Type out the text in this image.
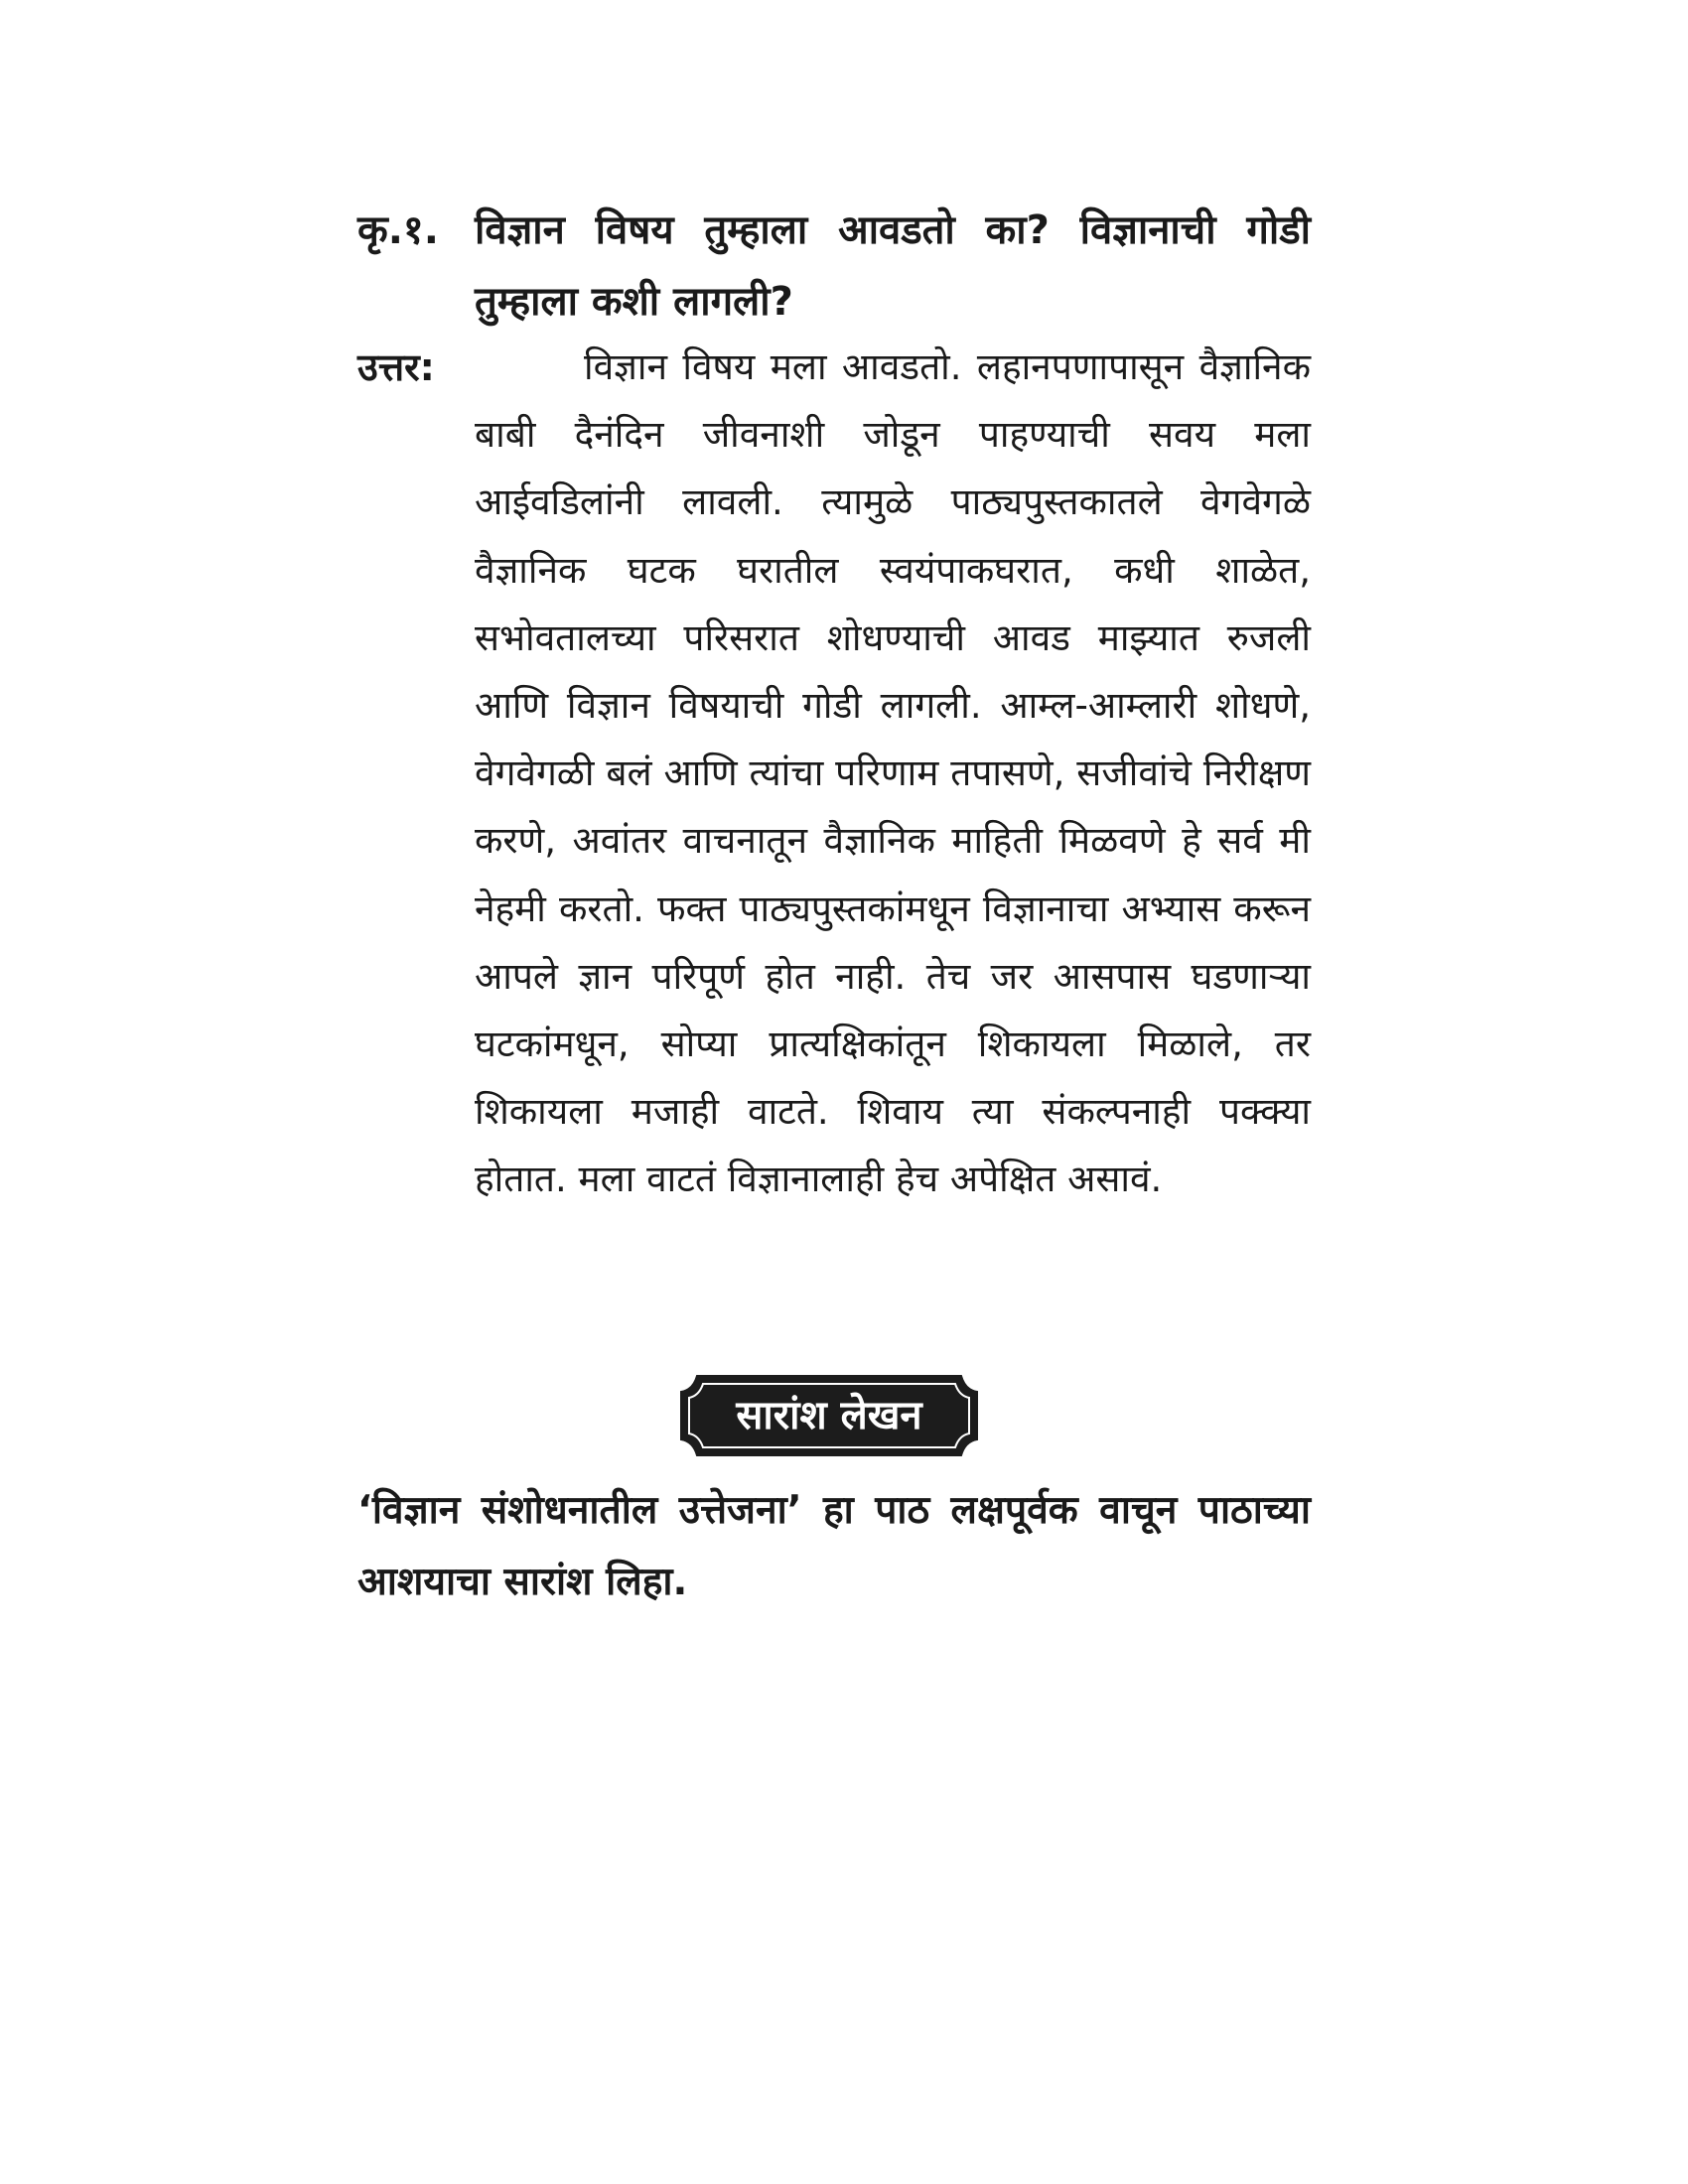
कृ.१. विज्ञान विषय तुम्हाला आवडतो का? विज्ञानाची गोडी तुम्हाला कशी लागली?
उत्तर:	विज्ञान विषय मला आवडतो. लहानपणापासून वैज्ञानिक बाबी दैनंदिन जीवनाशी जोडून पाहण्याची सवय मला आईवडिलांनी लावली. त्यामुळे पाठ्यपुस्तकातले वेगवेगळे वैज्ञानिक घटक घरातील स्वयंपाकघरात, कधी शाळेत, सभोवतालच्या परिसरात शोधण्याची आवड माझ्यात रुजली आणि विज्ञान विषयाची गोडी लागली. आम्ल-आम्लारी शोधणे, वेगवेगळी बलं आणि त्यांचा परिणाम तपासणे, सजीवांचे निरीक्षण करणे, अवांतर वाचनातून वैज्ञानिक माहिती मिळवणे हे सर्व मी नेहमी करतो. फक्त पाठ्यपुस्तकांमधून विज्ञानाचा अभ्यास करून आपले ज्ञान परिपूर्ण होत नाही. तेच जर आसपास घडणाऱ्या घटकांमधून, सोप्या प्रात्यक्षिकांतून शिकायला मिळाले, तर शिकायला मजाही वाटते. शिवाय त्या संकल्पनाही पक्क्या होतात. मला वाटतं विज्ञानालाही हेच अपेक्षित असावं.
सारांश लेखन
‘विज्ञान संशोधनातील उत्तेजना’ हा पाठ लक्षपूर्वक वाचून पाठाच्या आशयाचा सारांश लिहा.
